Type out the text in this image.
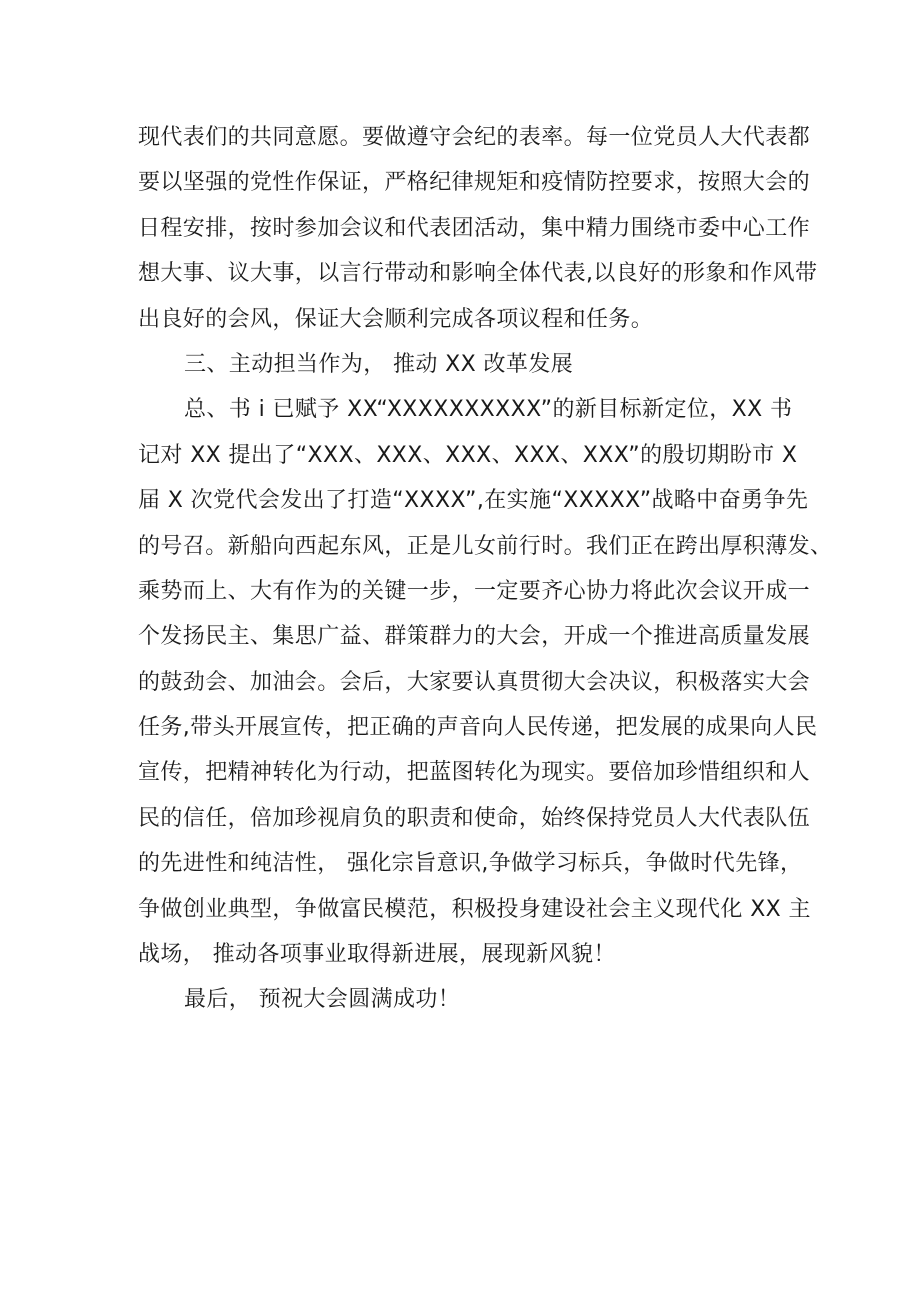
现代表们的共同意愿。要做遵守会纪的表率。每一位党员人大代表都
要以坚强的党性作保证，严格纪律规矩和疫情防控要求，按照大会的
日程安排，按时参加会议和代表团活动，集中精力围绕市委中心工作
想大事、议大事，以言行带动和影响全体代表,以良好的形象和作风带
出良好的会风，保证大会顺利完成各项议程和任务。
三、主动担当作为， 推动 XX 改革发展
总、书 i 已赋予 XX“XXXXXXXXXX”的新目标新定位，XX 书
记对 XX 提出了“XXX、XXX、XXX、XXX、XXX”的殷切期盼市 X
届 X 次党代会发出了打造“XXXX”,在实施“XXXXX”战略中奋勇争先
的号召。新船向西起东风，正是儿女前行时。我们正在跨出厚积薄发、
乘势而上、大有作为的关键一步，一定要齐心协力将此次会议开成一
个发扬民主、集思广益、群策群力的大会，开成一个推进高质量发展
的鼓劲会、加油会。会后，大家要认真贯彻大会决议，积极落实大会
任务,带头开展宣传，把正确的声音向人民传递，把发展的成果向人民
宣传，把精神转化为行动，把蓝图转化为现实。要倍加珍惜组织和人
民的信任，倍加珍视肩负的职责和使命，始终保持党员人大代表队伍
的先进性和纯洁性， 强化宗旨意识,争做学习标兵，争做时代先锋，
争做创业典型，争做富民模范，积极投身建设社会主义现代化 XX 主
战场， 推动各项事业取得新进展，展现新风貌！
最后， 预祝大会圆满成功！
